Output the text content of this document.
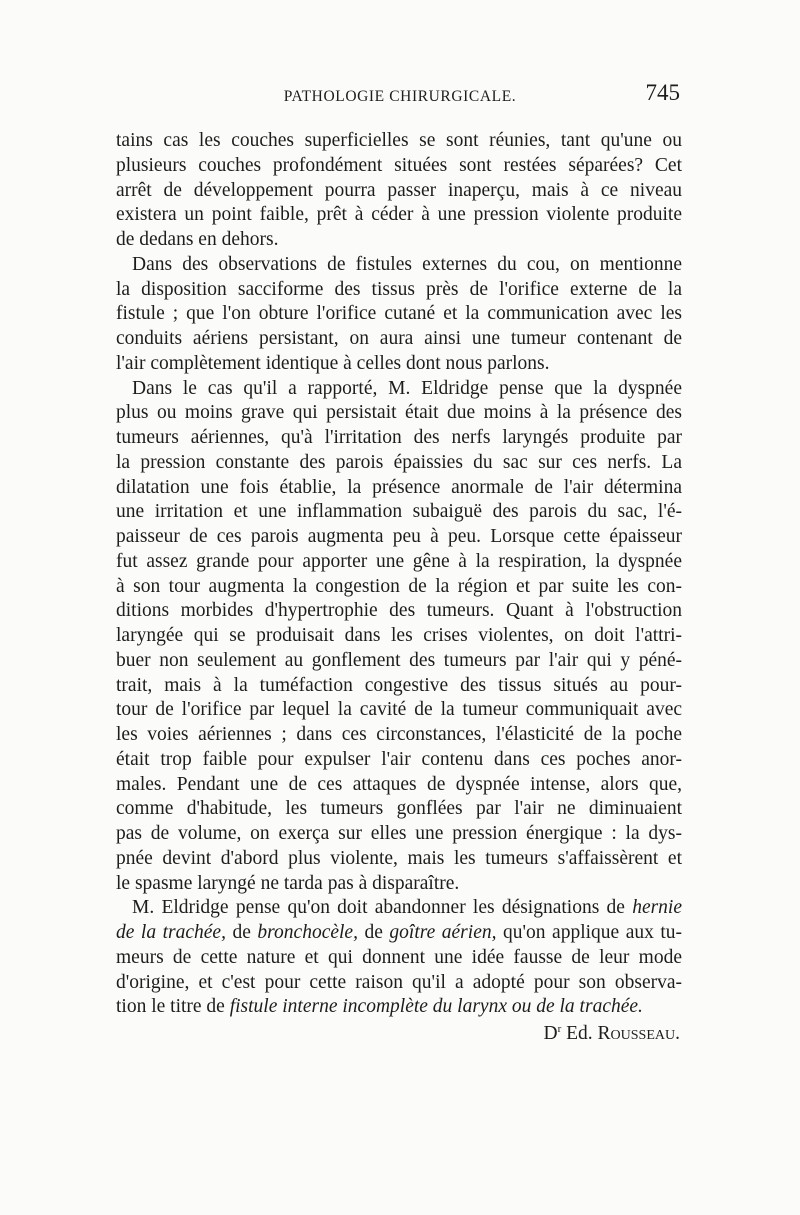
PATHOLOGIE CHIRURGICALE.	745
tains cas les couches superficielles se sont réunies, tant qu'une ou
plusieurs couches profondément situées sont restées séparées? Cet
arrêt de développement pourra passer inaperçu, mais à ce niveau
existera un point faible, prêt à céder à une pression violente produite
de dedans en dehors.
Dans des observations de fistules externes du cou, on mentionne
la disposition sacciforme des tissus près de l'orifice externe de la
fistule ; que l'on obture l'orifice cutané et la communication avec les
conduits aériens persistant, on aura ainsi une tumeur contenant de
l'air complètement identique à celles dont nous parlons.
Dans le cas qu'il a rapporté, M. Eldridge pense que la dyspnée
plus ou moins grave qui persistait était due moins à la présence des
tumeurs aériennes, qu'à l'irritation des nerfs laryngés produite par
la pression constante des parois épaissies du sac sur ces nerfs. La
dilatation une fois établie, la présence anormale de l'air détermina
une irritation et une inflammation subaiguë des parois du sac, l'é-
paisseur de ces parois augmenta peu à peu. Lorsque cette épaisseur
fut assez grande pour apporter une gêne à la respiration, la dyspnée
à son tour augmenta la congestion de la région et par suite les con-
ditions morbides d'hypertrophie des tumeurs. Quant à l'obstruction
laryngée qui se produisait dans les crises violentes, on doit l'attri-
buer non seulement au gonflement des tumeurs par l'air qui y péné-
trait, mais à la tuméfaction congestive des tissus situés au pour-
tour de l'orifice par lequel la cavité de la tumeur communiquait avec
les voies aériennes ; dans ces circonstances, l'élasticité de la poche
était trop faible pour expulser l'air contenu dans ces poches anor-
males. Pendant une de ces attaques de dyspnée intense, alors que,
comme d'habitude, les tumeurs gonflées par l'air ne diminuaient
pas de volume, on exerça sur elles une pression énergique : la dys-
pnée devint d'abord plus violente, mais les tumeurs s'affaissèrent et
le spasme laryngé ne tarda pas à disparaître.
M. Eldridge pense qu'on doit abandonner les désignations de hernie
de la trachée, de bronchocèle, de goître aérien, qu'on applique aux tu-
meurs de cette nature et qui donnent une idée fausse de leur mode
d'origine, et c'est pour cette raison qu'il a adopté pour son observa-
tion le titre de fistule interne incomplète du larynx ou de la trachée.
$D^r$ Ed. Rousseau.
